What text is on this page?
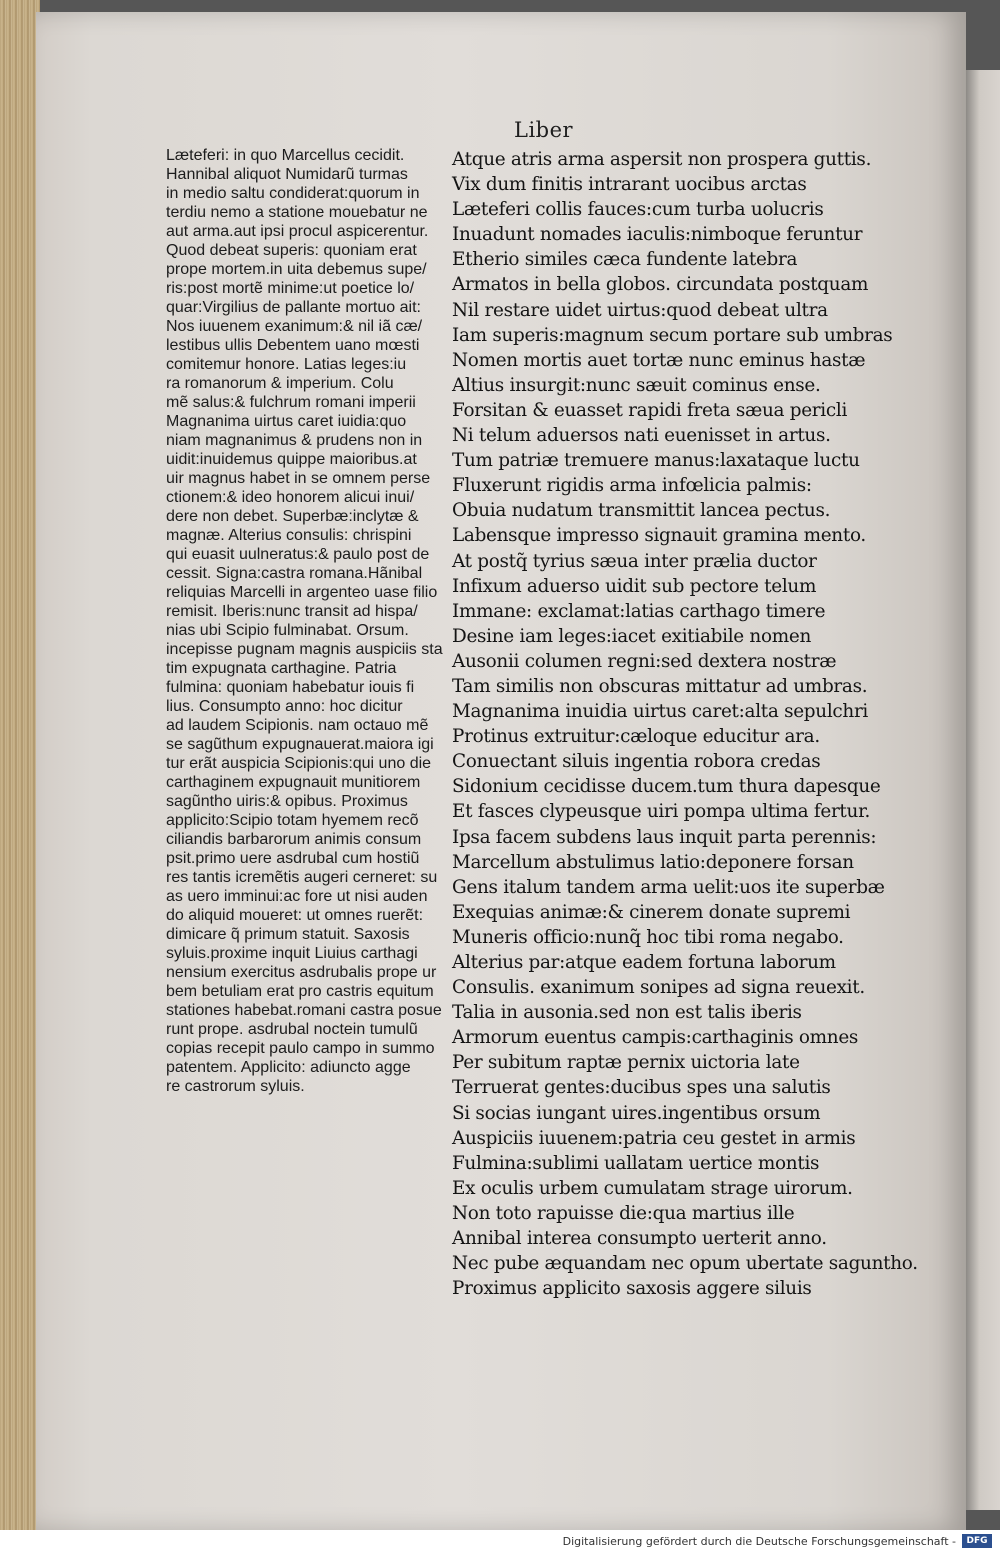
Liber
Læteferi: in quo Marcellus cecidit.
Hannibal aliquot Numidarũ turmas
in medio saltu condiderat:quorum in
terdiu nemo a statione mouebatur ne
aut arma.aut ipsi procul aspicerentur.
Quod debeat superis: quoniam erat
prope mortem.in uita debemus supe/
ris:post mortẽ minime:ut poetice lo/
quar:Virgilius de pallante mortuo ait:
Nos iuuenem exanimum:& nil iã cæ/
lestibus ullis Debentem uano mœsti
comitemur honore. Latias leges:iu
ra romanorum & imperium. Colu
mẽ salus:& fulchrum romani imperii
Magnanima uirtus caret iuidia:quo
niam magnanimus & prudens non in
uidit:inuidemus quippe maioribus.at
uir magnus habet in se omnem perse
ctionem:& ideo honorem alicui inui/
dere non debet. Superbæ:inclytæ &
magnæ. Alterius consulis: chrispini
qui euasit uulneratus:& paulo post de
cessit. Signa:castra romana.Hãnibal
reliquias Marcelli in argenteo uase filio
remisit. Iberis:nunc transit ad hispa/
nias ubi Scipio fulminabat. Orsum.
incepisse pugnam magnis auspiciis sta
tim expugnata carthagine. Patria
fulmina: quoniam habebatur iouis fi
lius. Consumpto anno: hoc dicitur
ad laudem Scipionis. nam octauo mẽ
se sagũthum expugnauerat.maiora igi
tur erãt auspicia Scipionis:qui uno die
carthaginem expugnauit munitiorem
sagũntho uiris:& opibus. Proximus
applicito:Scipio totam hyemem recõ
ciliandis barbarorum animis consum
psit.primo uere asdrubal cum hostiũ
res tantis icremẽtis augeri cerneret: su
as uero imminui:ac fore ut nisi auden
do aliquid moueret: ut omnes ruerẽt:
dimicare q̃ primum statuit. Saxosis
syluis.proxime inquit Liuius carthagi
nensium exercitus asdrubalis prope ur
bem betuliam erat pro castris equitum
stationes habebat.romani castra posue
runt prope. asdrubal noctein tumulũ
copias recepit paulo campo in summo
patentem. Applicito: adiuncto agge
re castrorum syluis.
Atque atris arma aspersit non prospera guttis.
Vix dum finitis intrarant uocibus arctas
Læteferi collis fauces:cum turba uolucris
Inuadunt nomades iaculis:nimboque feruntur
Etherio similes cæca fundente latebra
Armatos in bella globos. circundata postquam
Nil restare uidet uirtus:quod debeat ultra
Iam superis:magnum secum portare sub umbras
Nomen mortis auet tortæ nunc eminus hastæ
Altius insurgit:nunc sæuit cominus ense.
Forsitan & euasset rapidi freta sæua pericli
Ni telum aduersos nati euenisset in artus.
Tum patriæ tremuere manus:laxataque luctu
Fluxerunt rigidis arma infœlicia palmis:
Obuia nudatum transmittit lancea pectus.
Labensque impresso signauit gramina mento.
At postq̃ tyrius sæua inter prælia ductor
Infixum aduerso uidit sub pectore telum
Immane: exclamat:latias carthago timere
Desine iam leges:iacet exitiabile nomen
Ausonii columen regni:sed dextera nostræ
Tam similis non obscuras mittatur ad umbras.
Magnanima inuidia uirtus caret:alta sepulchri
Protinus extruitur:cæloque educitur ara.
Conuectant siluis ingentia robora credas
Sidonium cecidisse ducem.tum thura dapesque
Et fasces clypeusque uiri pompa ultima fertur.
Ipsa facem subdens laus inquit parta perennis:
Marcellum abstulimus latio:deponere forsan
Gens italum tandem arma uelit:uos ite superbæ
Exequias animæ:& cinerem donate supremi
Muneris officio:nunq̃ hoc tibi roma negabo.
Alterius par:atque eadem fortuna laborum
Consulis. exanimum sonipes ad signa reuexit.
Talia in ausonia.sed non est talis iberis
Armorum euentus campis:carthaginis omnes
Per subitum raptæ pernix uictoria late
Terruerat gentes:ducibus spes una salutis
Si socias iungant uires.ingentibus orsum
Auspiciis iuuenem:patria ceu gestet in armis
Fulmina:sublimi uallatam uertice montis
Ex oculis urbem cumulatam strage uirorum.
Non toto rapuisse die:qua martius ille
Annibal interea consumpto uerterit anno.
Nec pube æquandam nec opum ubertate saguntho.
Proximus applicito saxosis aggere siluis
Digitalisierung gefördert durch die Deutsche Forschungsgemeinschaft -	DFG
